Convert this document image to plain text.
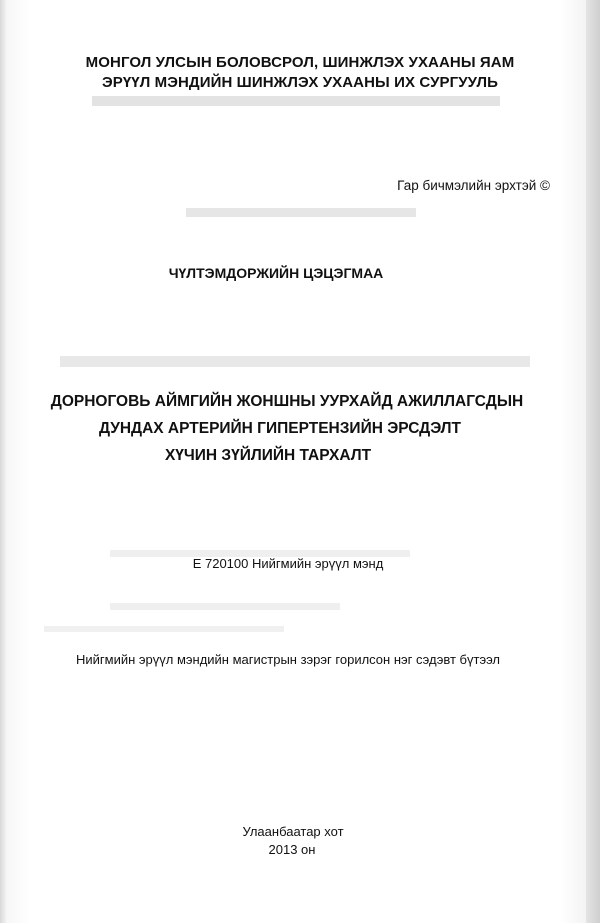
МОНГОЛ УЛСЫН БОЛОВСРОЛ, ШИНЖЛЭХ УХААНЫ ЯАМ
ЭРҮҮЛ МЭНДИЙН ШИНЖЛЭХ УХААНЫ ИХ СУРГУУЛЬ
Гар бичмэлийн эрхтэй ©
ЧҮЛТЭМДОРЖИЙН ЦЭЦЭГМАА
ДОРНОГОВЬ АЙМГИЙН ЖОНШНЫ УУРХАЙД АЖИЛЛАГСДЫН
ДУНДАХ АРТЕРИЙН ГИПЕРТЕНЗИЙН ЭРСДЭЛТ
ХҮЧИН ЗҮЙЛИЙН ТАРХАЛТ
Е 720100 Нийгмийн эрүүл мэнд
Нийгмийн эрүүл мэндийн магистрын зэрэг горилсон нэг сэдэвт бүтээл
Улаанбаатар хот
2013 он
